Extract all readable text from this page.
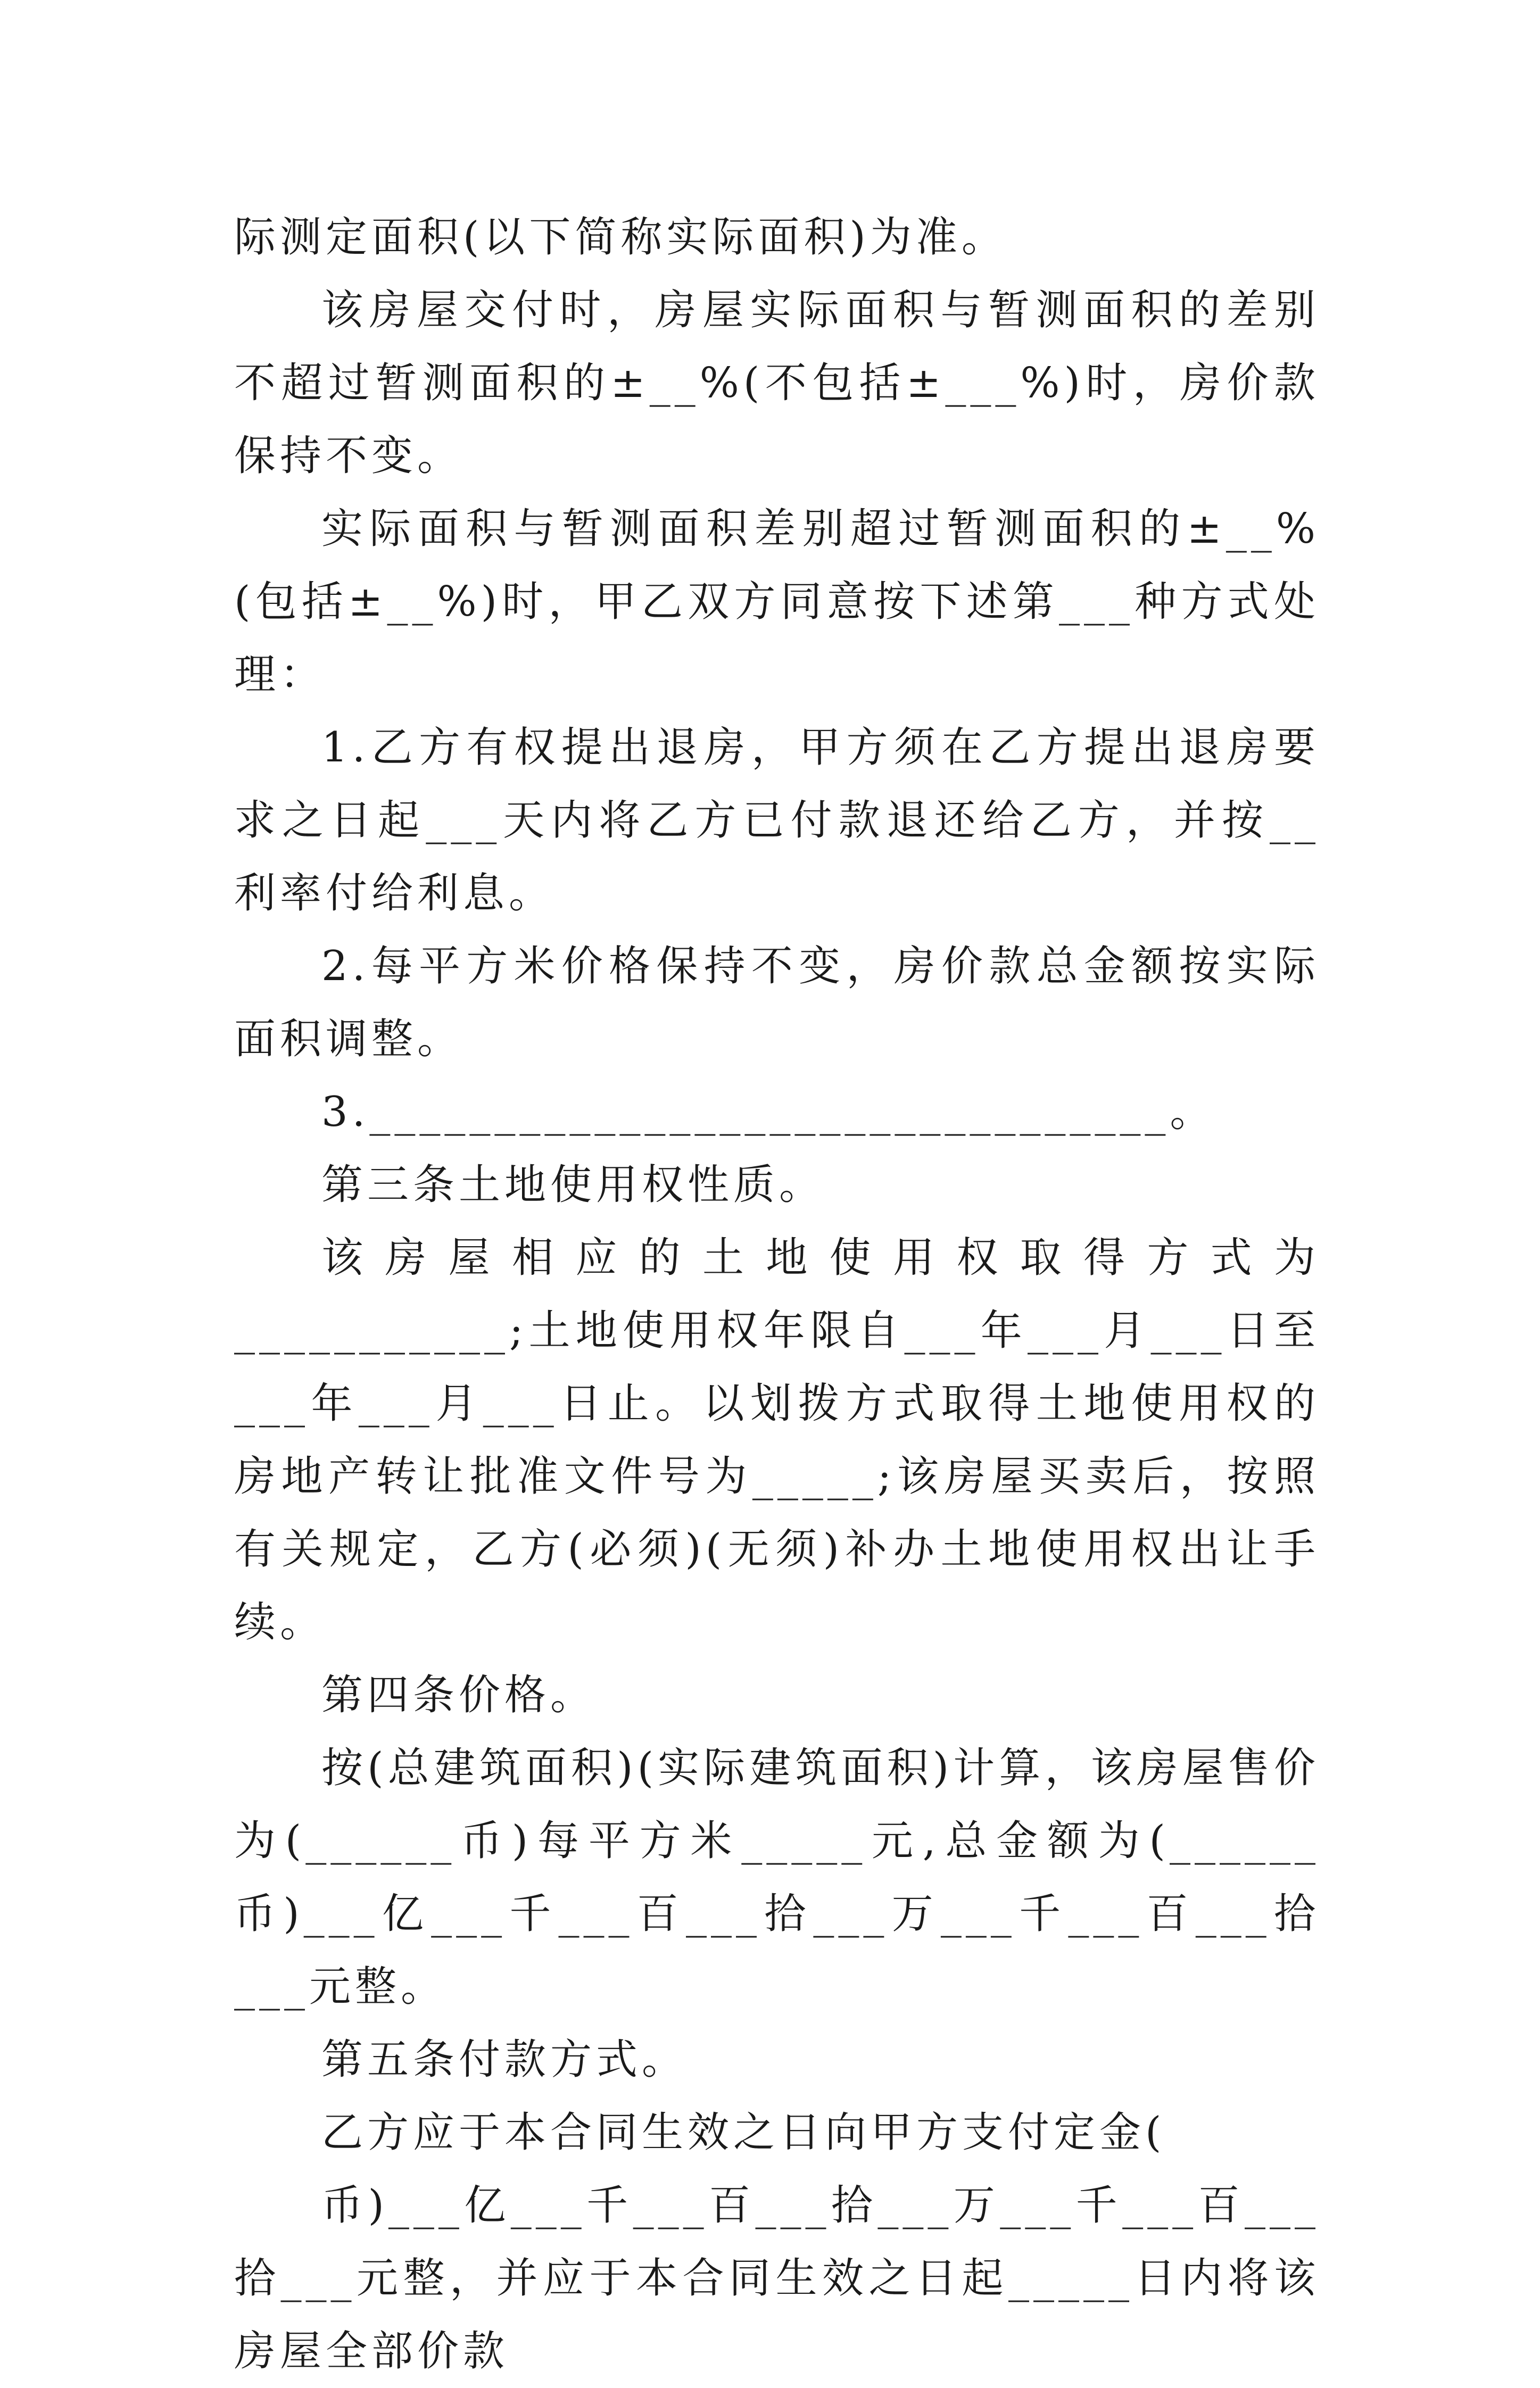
际测定面积(以下简称实际面积)为准。

该房屋交付时，房屋实际面积与暂测面积的差别不超过暂测面积的±__%(不包括±___%)时，房价款保持不变。

实际面积与暂测面积差别超过暂测面积的±__%(包括±__%)时，甲乙双方同意按下述第___种方式处理：

1.乙方有权提出退房，甲方须在乙方提出退房要求之日起___天内将乙方已付款退还给乙方，并按__利率付给利息。

2.每平方米价格保持不变，房价款总金额按实际面积调整。

3.________________________________。

第三条土地使用权性质。

该房屋相应的土地使用权取得方式为___________;土地使用权年限自___年___月___日至___年___月___日止。以划拨方式取得土地使用权的房地产转让批准文件号为_____;该房屋买卖后，按照有关规定，乙方(必须)(无须)补办土地使用权出让手续。

第四条价格。

按(总建筑面积)(实际建筑面积)计算，该房屋售价为(______币)每平方米_____元,总金额为(______币)___亿___千___百___拾___万___千___百___拾___元整。

第五条付款方式。

乙方应于本合同生效之日向甲方支付定金(

币)___亿___千___百___拾___万___千___百___拾___元整，并应于本合同生效之日起_____日内将该房屋全部价款
